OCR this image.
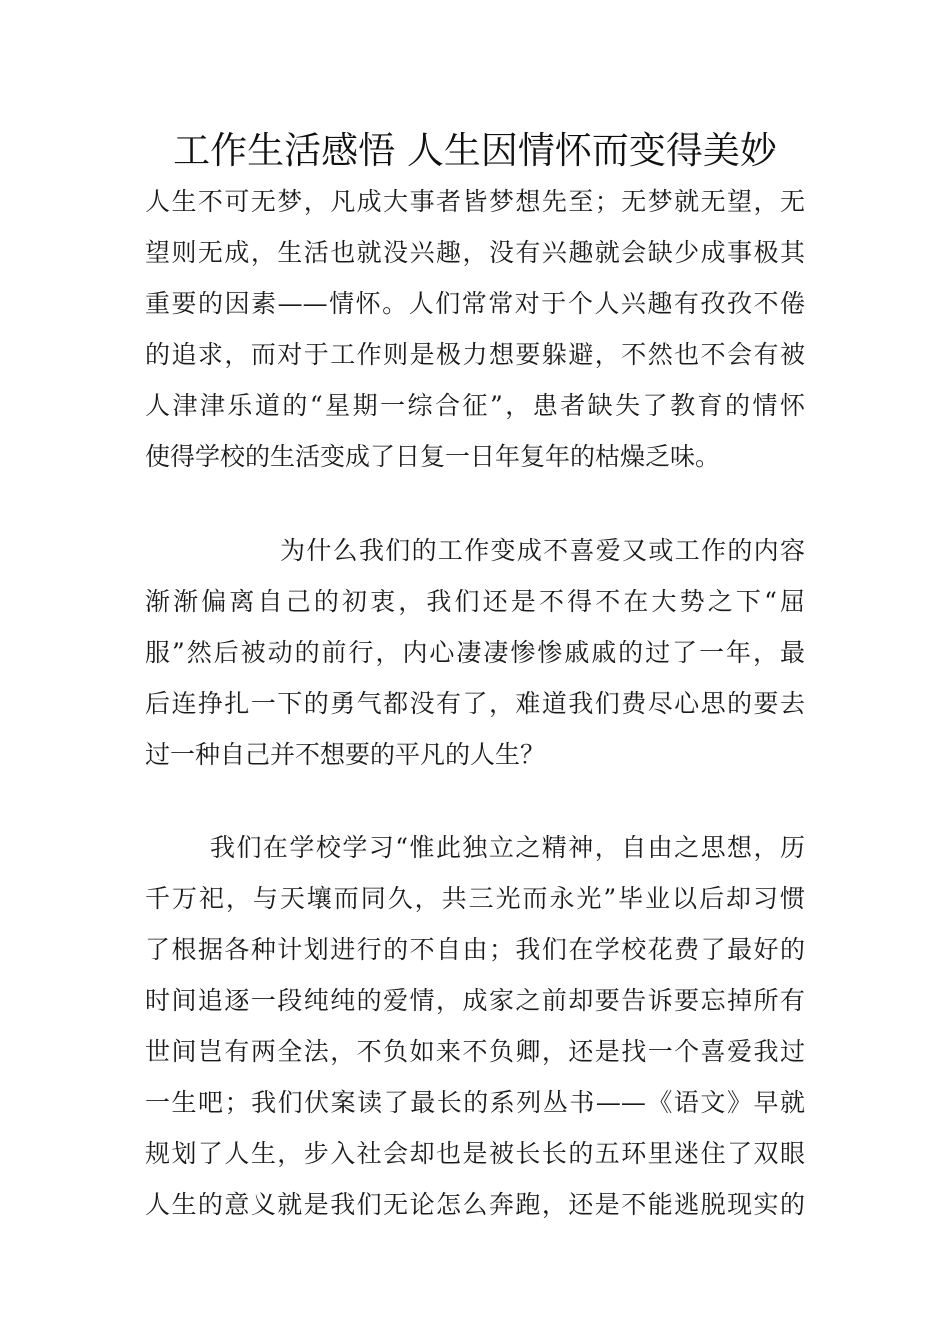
工作生活感悟 人生因情怀而变得美妙
人生不可无梦，凡成大事者皆梦想先至；无梦就无望，无
望则无成，生活也就没兴趣，没有兴趣就会缺少成事极其
重要的因素——情怀。人们常常对于个人兴趣有孜孜不倦
的追求，而对于工作则是极力想要躲避，不然也不会有被
人津津乐道的“星期一综合征”，患者缺失了教育的情怀
使得学校的生活变成了日复一日年复年的枯燥乏味。
为什么我们的工作变成不喜爱又或工作的内容
渐渐偏离自己的初衷，我们还是不得不在大势之下“屈
服”然后被动的前行，内心凄凄惨惨戚戚的过了一年，最
后连挣扎一下的勇气都没有了，难道我们费尽心思的要去
过一种自己并不想要的平凡的人生？
我们在学校学习“惟此独立之精神，自由之思想，历
千万祀，与天壤而同久，共三光而永光”毕业以后却习惯
了根据各种计划进行的不自由；我们在学校花费了最好的
时间追逐一段纯纯的爱情，成家之前却要告诉要忘掉所有
世间岂有两全法，不负如来不负卿，还是找一个喜爱我过
一生吧；我们伏案读了最长的系列丛书——《语文》早就
规划了人生，步入社会却也是被长长的五环里迷住了双眼
人生的意义就是我们无论怎么奔跑，还是不能逃脱现实的
